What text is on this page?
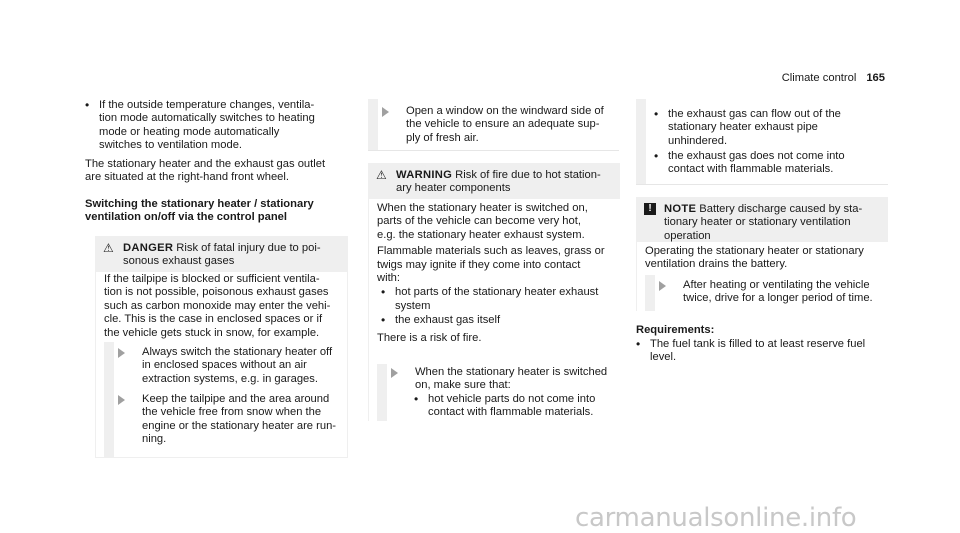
Climate control 165
• If the outside temperature changes, ventila-
tion mode automatically switches to heating
mode or heating mode automatically
switches to ventilation mode.

The stationary heater and the exhaust gas outlet
are situated at the right-hand front wheel.

Switching the stationary heater / stationary
ventilation on/off via the control panel

⚠ DANGER Risk of fatal injury due to poi-
sonous exhaust gases

If the tailpipe is blocked or sufficient ventila-
tion is not possible, poisonous exhaust gases
such as carbon monoxide may enter the vehi-
cle. This is the case in enclosed spaces or if
the vehicle gets stuck in snow, for example.

Always switch the stationary heater off
in enclosed spaces without an air
extraction systems, e.g. in garages.

Keep the tailpipe and the area around
the vehicle free from snow when the
engine or the stationary heater are run-
ning.

Open a window on the windward side of
the vehicle to ensure an adequate sup-
ply of fresh air.

⚠ WARNING Risk of fire due to hot station-
ary heater components

When the stationary heater is switched on,
parts of the vehicle can become very hot,
e.g. the stationary heater exhaust system.

Flammable materials such as leaves, grass or
twigs may ignite if they come into contact
with:

• hot parts of the stationary heater exhaust
system

• the exhaust gas itself

There is a risk of fire.

When the stationary heater is switched
on, make sure that:

• hot vehicle parts do not come into
contact with flammable materials.

• the exhaust gas can flow out of the
stationary heater exhaust pipe
unhindered.

• the exhaust gas does not come into
contact with flammable materials.

!	NOTE Battery discharge caused by sta-
tionary heater or stationary ventilation
operation

Operating the stationary heater or stationary
ventilation drains the battery.

After heating or ventilating the vehicle
twice, drive for a longer period of time.

Requirements:

• The fuel tank is filled to at least reserve fuel
level.

carmanualsonline.info
